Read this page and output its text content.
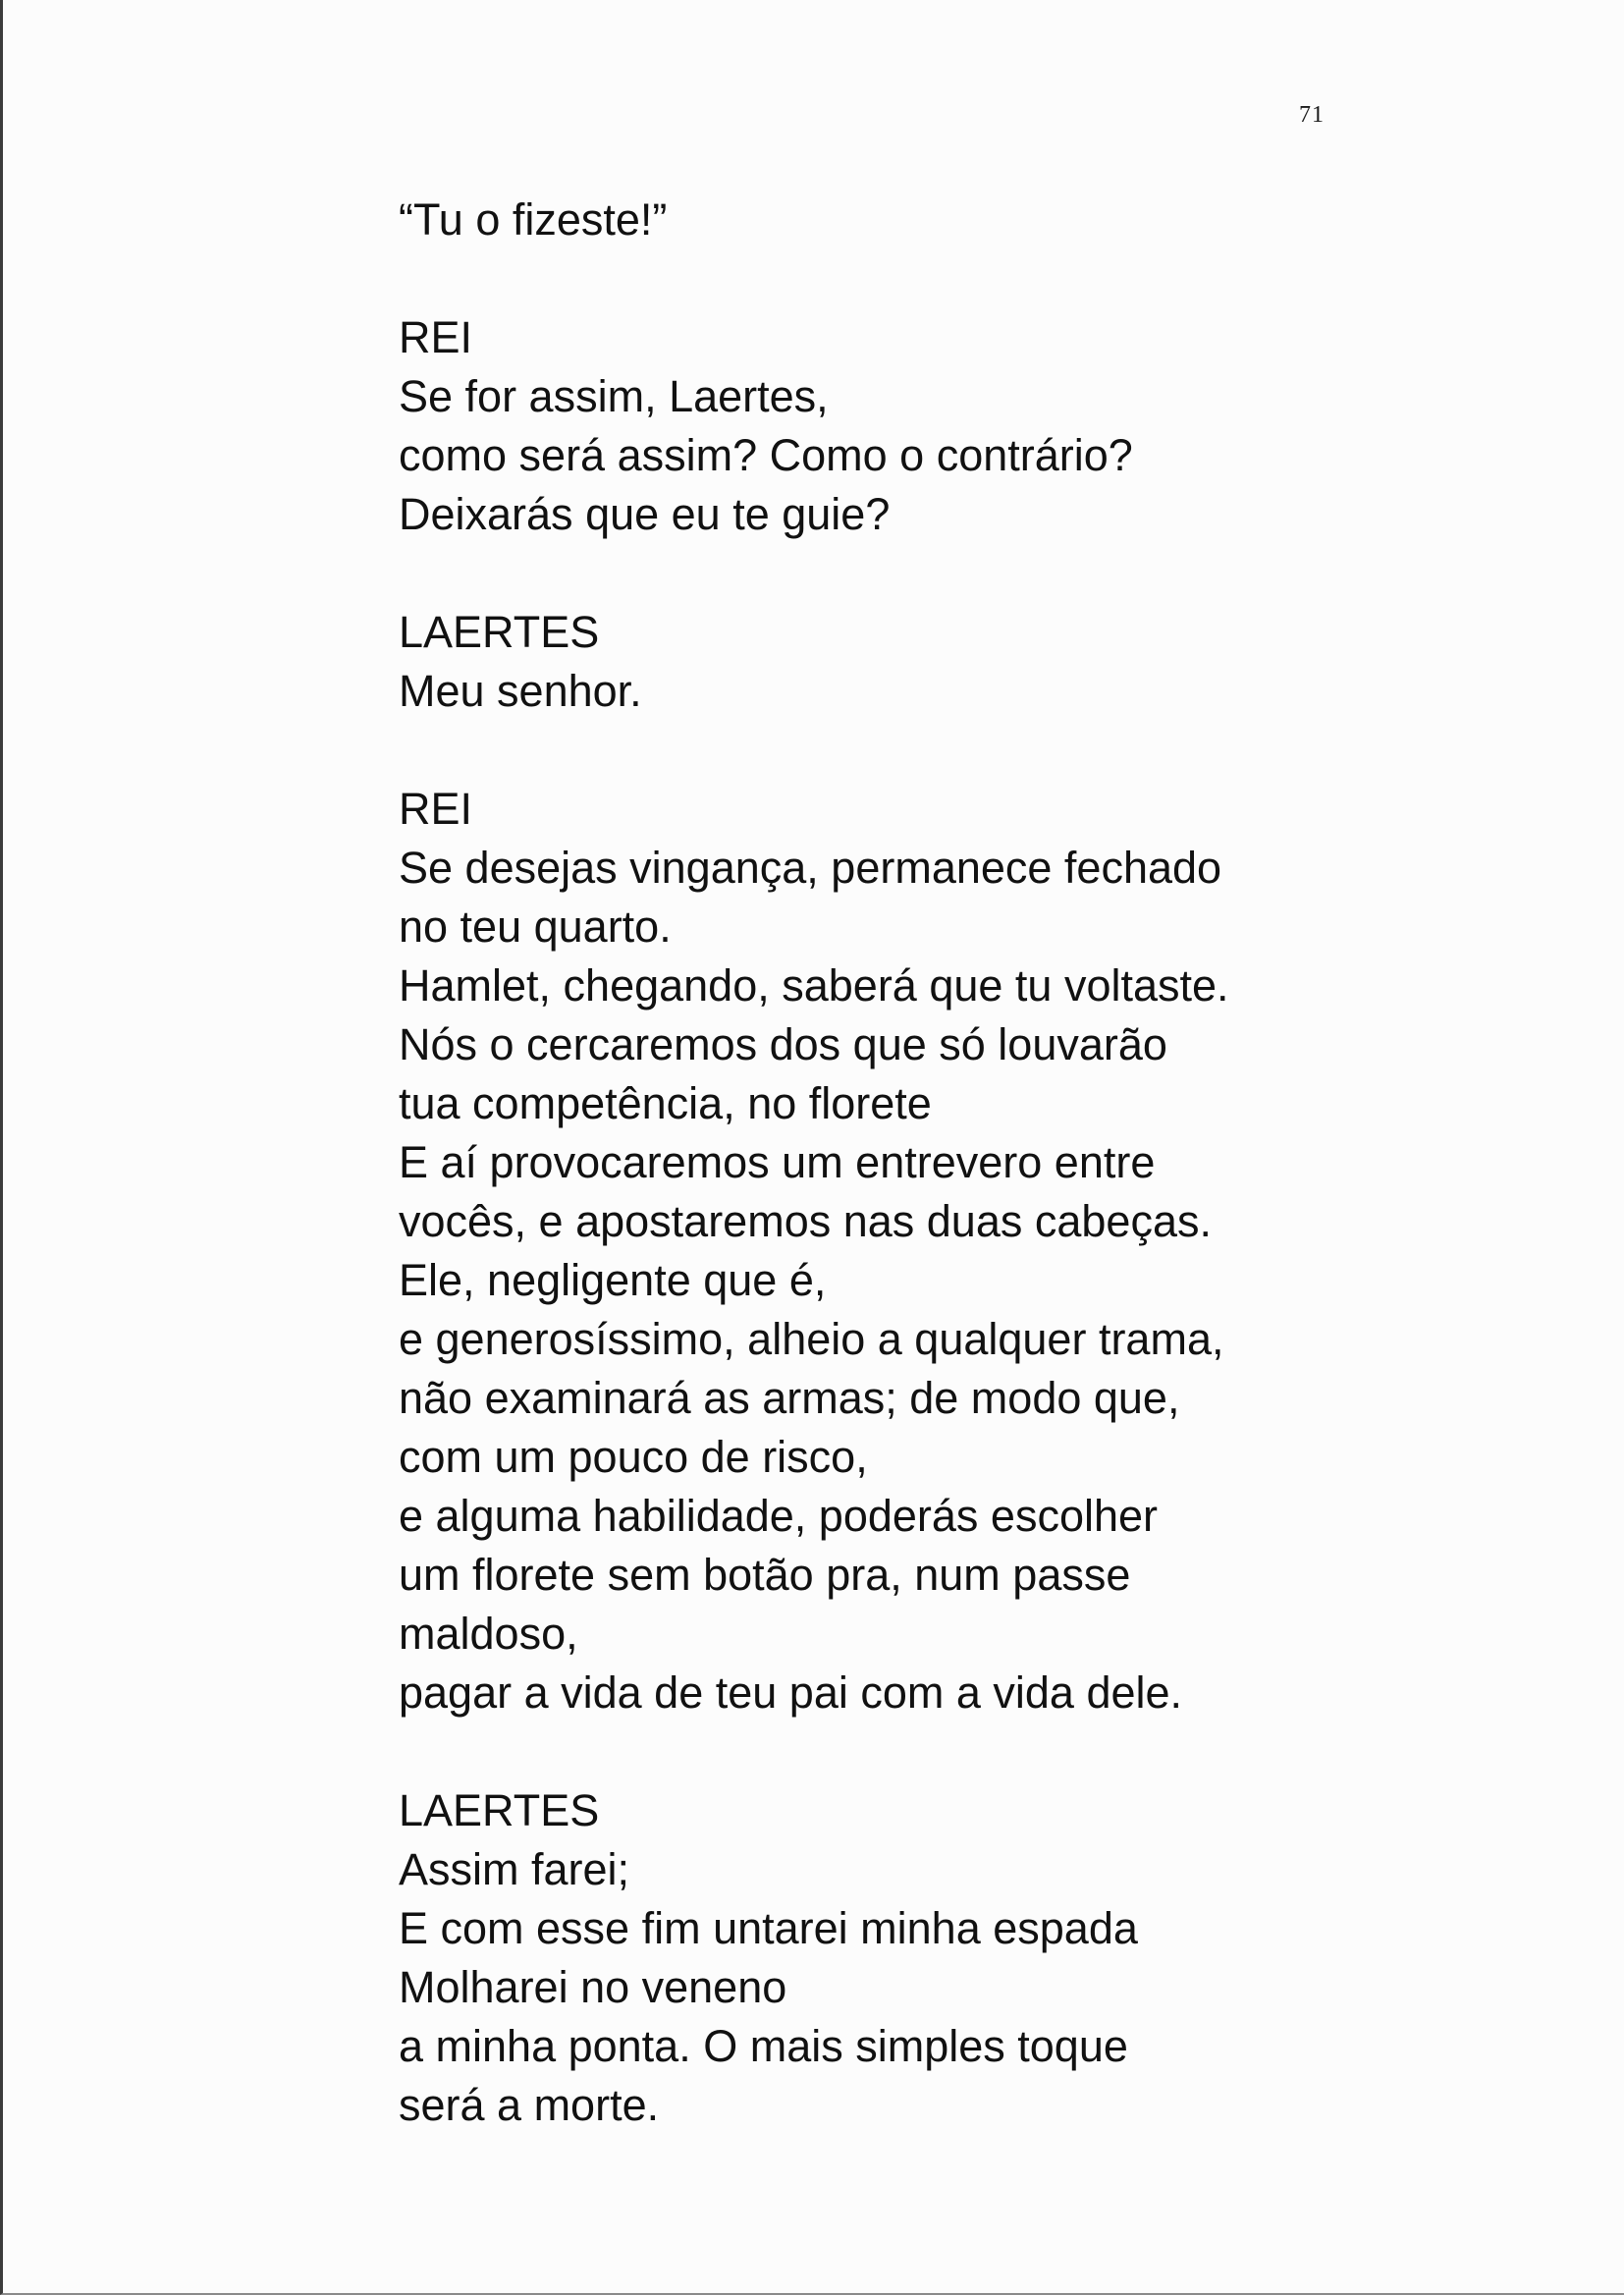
71
“Tu o fizeste!”
REI
Se for assim, Laertes,
como será assim? Como o contrário?
Deixarás que eu te guie?
LAERTES
Meu senhor.
REI
Se desejas vingança, permanece fechado
no teu quarto.
Hamlet, chegando, saberá que tu voltaste.
Nós o cercaremos dos que só louvarão
tua competência, no florete
E aí provocaremos um entrevero entre
vocês, e apostaremos nas duas cabeças.
Ele, negligente que é,
e generosíssimo, alheio a qualquer trama,
não examinará as armas; de modo que,
com um pouco de risco,
e alguma habilidade, poderás escolher
um florete sem botão pra, num passe
maldoso,
pagar a vida de teu pai com a vida dele.
LAERTES
Assim farei;
E com esse fim untarei minha espada
Molharei no veneno
a minha ponta. O mais simples toque
será a morte.
